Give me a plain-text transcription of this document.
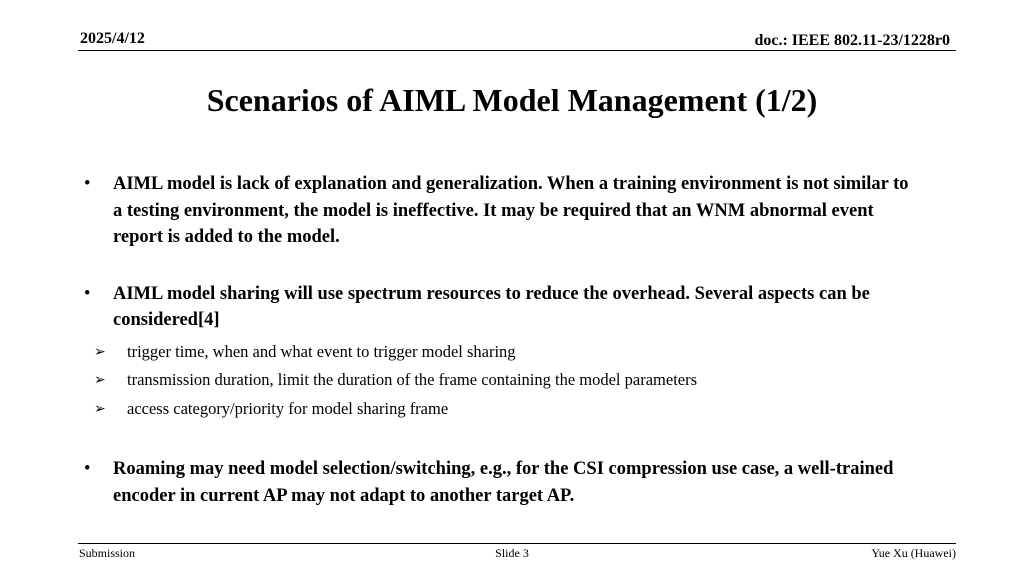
2025/4/12	doc.: IEEE 802.11-23/1228r0
Scenarios of AIML Model Management (1/2)
• AIML model is lack of explanation and generalization. When a training environment is not similar to a testing environment, the model is ineffective. It may be required that an WNM abnormal event report is added to the model.
• AIML model sharing will use spectrum resources to reduce the overhead. Several aspects can be considered[4]
➢	trigger time, when and what event to trigger model sharing
➢	transmission duration, limit the duration of the frame containing the model parameters
➢	access category/priority for model sharing frame
• Roaming may need model selection/switching, e.g., for the CSI compression use case, a well-trained encoder in current AP may not adapt to another target AP.
Submission	Slide 3	Yue Xu (Huawei)
